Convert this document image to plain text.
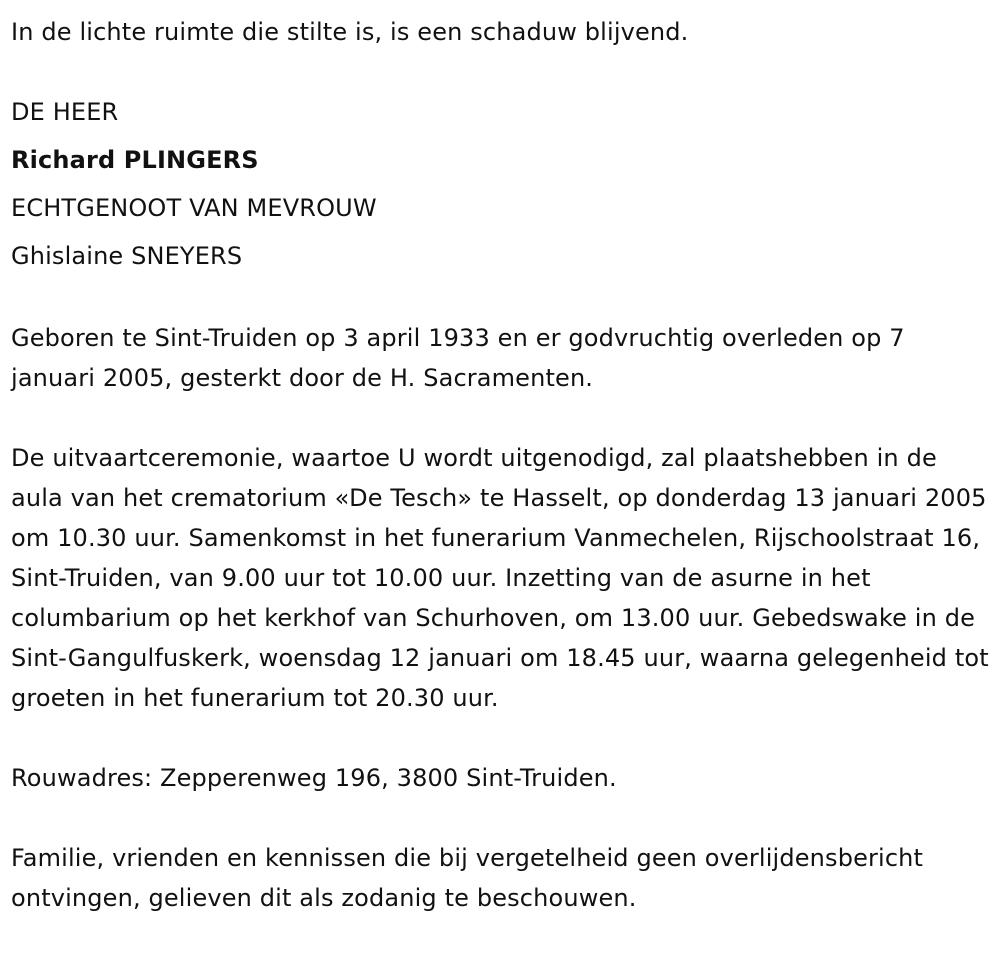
In de lichte ruimte die stilte is, is een schaduw blijvend.

DE HEER

Richard PLINGERS

ECHTGENOOT VAN MEVROUW

Ghislaine SNEYERS

Geboren te Sint-Truiden op 3 april 1933 en er godvruchtig overleden op 7 januari 2005, gesterkt door de H. Sacramenten.

De uitvaartceremonie, waartoe U wordt uitgenodigd, zal plaatshebben in de aula van het crematorium «De Tesch» te Hasselt, op donderdag 13 januari 2005 om 10.30 uur. Samenkomst in het funerarium Vanmechelen, Rijschoolstraat 16, Sint-Truiden, van 9.00 uur tot 10.00 uur. Inzetting van de asurne in het columbarium op het kerkhof van Schurhoven, om 13.00 uur. Gebedswake in de Sint-Gangulfuskerk, woensdag 12 januari om 18.45 uur, waarna gelegenheid tot groeten in het funerarium tot 20.30 uur.

Rouwadres: Zepperenweg 196, 3800 Sint-Truiden.

Familie, vrienden en kennissen die bij vergetelheid geen overlijdensbericht ontvingen, gelieven dit als zodanig te beschouwen.
